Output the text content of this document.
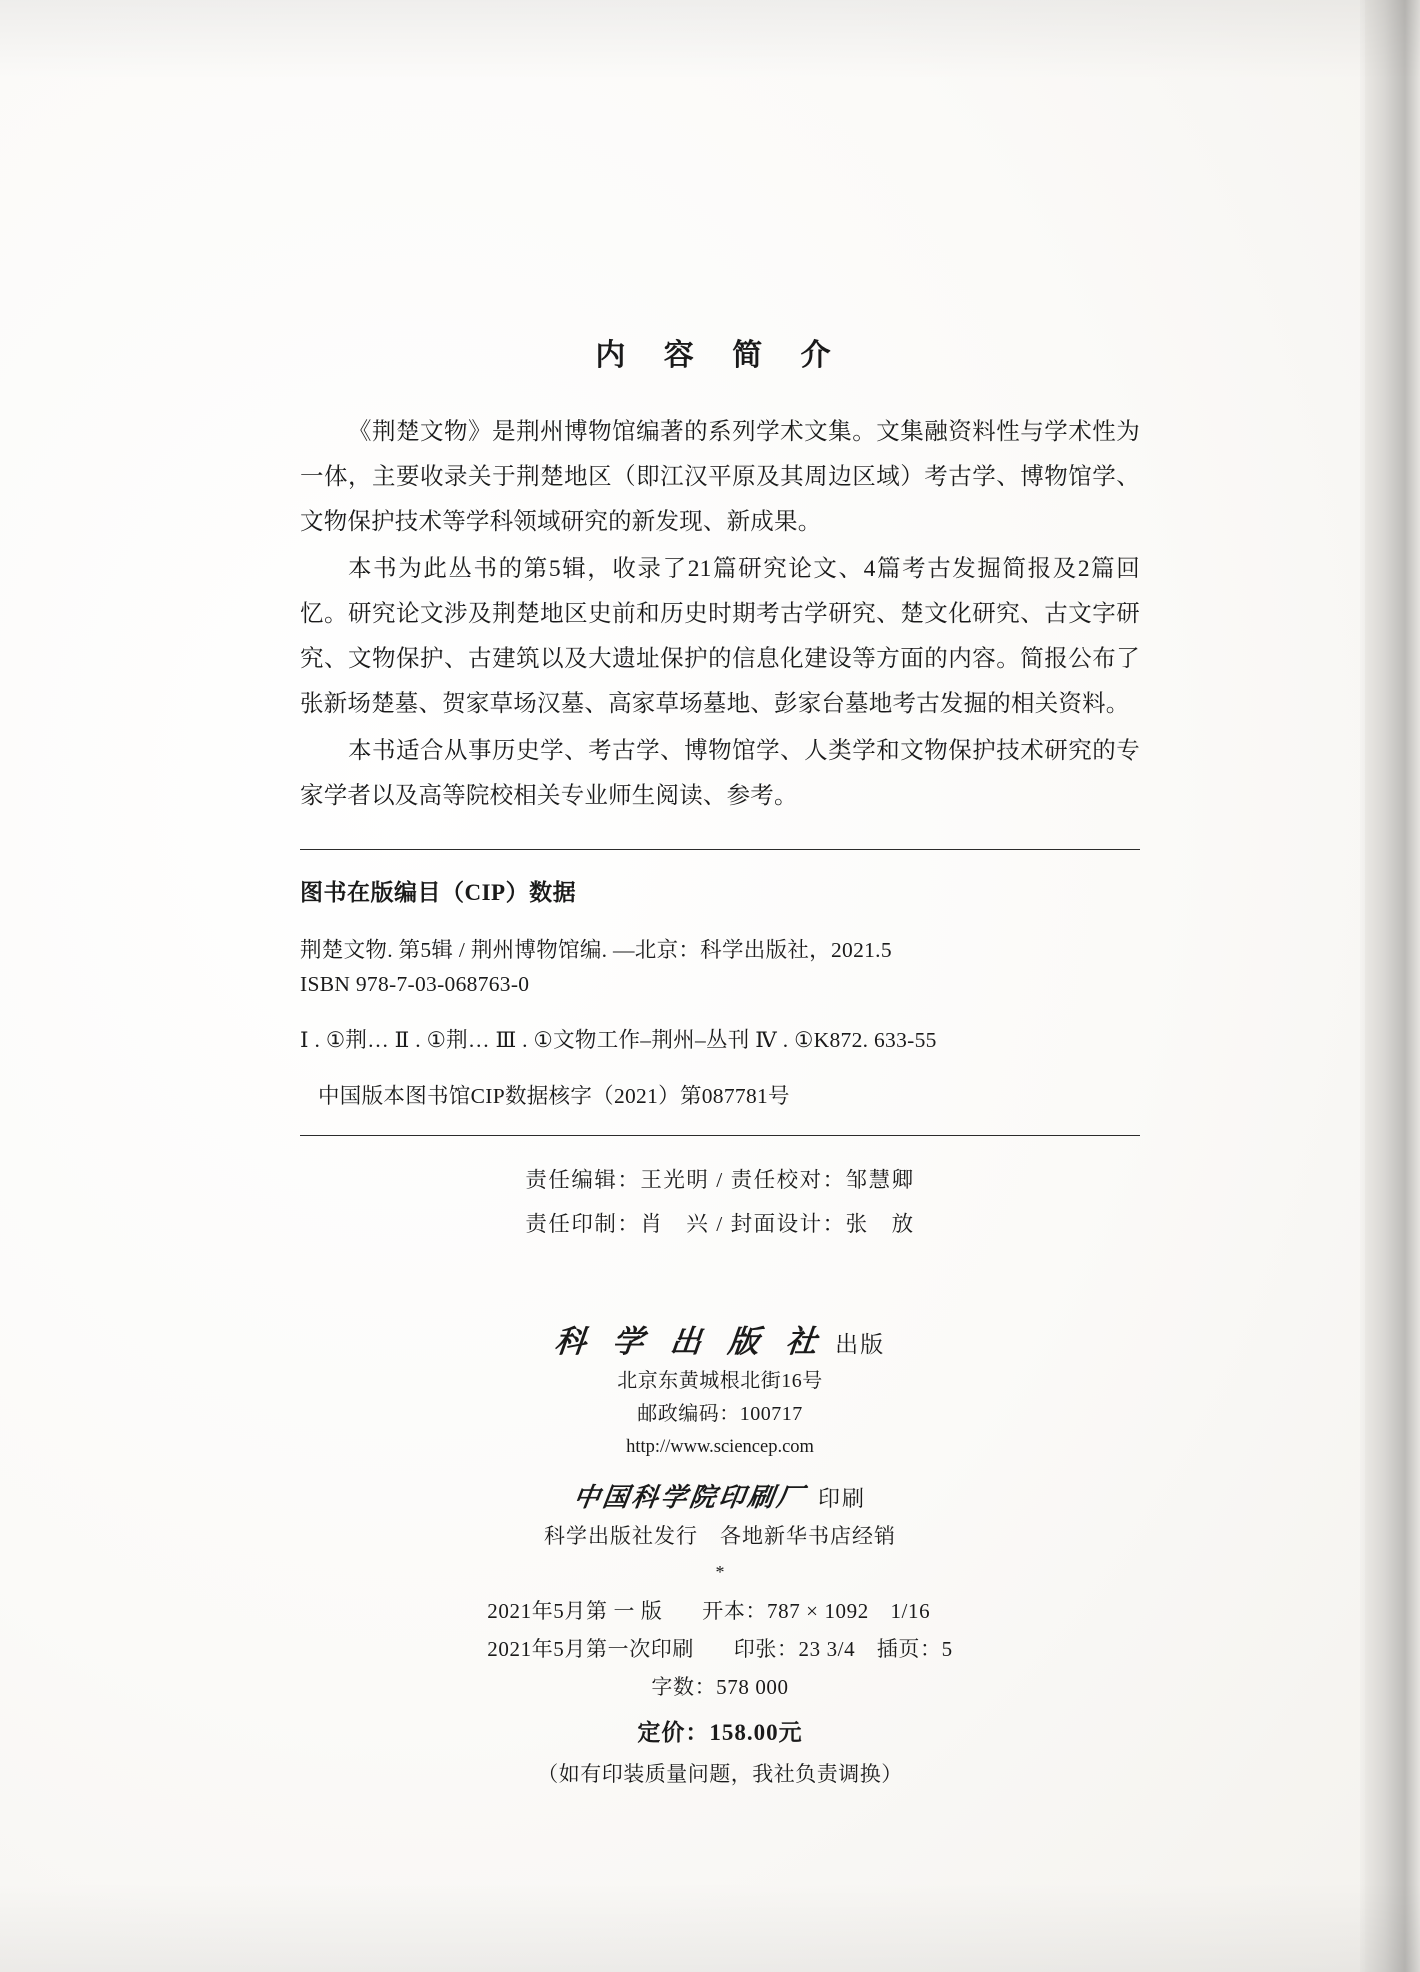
内 容 简 介

《荆楚文物》是荆州博物馆编著的系列学术文集。文集融资料性与学术性为一体，主要收录关于荆楚地区（即江汉平原及其周边区域）考古学、博物馆学、文物保护技术等学科领域研究的新发现、新成果。

本书为此丛书的第5辑，收录了21篇研究论文、4篇考古发掘简报及2篇回忆。研究论文涉及荆楚地区史前和历史时期考古学研究、楚文化研究、古文字研究、文物保护、古建筑以及大遗址保护的信息化建设等方面的内容。简报公布了张新场楚墓、贺家草场汉墓、高家草场墓地、彭家台墓地考古发掘的相关资料。

本书适合从事历史学、考古学、博物馆学、人类学和文物保护技术研究的专家学者以及高等院校相关专业师生阅读、参考。

图书在版编目（CIP）数据

荆楚文物. 第5辑 / 荆州博物馆编. —北京：科学出版社，2021.5

ISBN 978-7-03-068763-0

Ⅰ . ①荆… Ⅱ . ①荆… Ⅲ . ①文物工作–荆州–丛刊 Ⅳ . ①K872. 633-55

中国版本图书馆CIP数据核字（2021）第087781号

责任编辑：王光明 / 责任校对：邹慧卿
责任印制：肖　兴 / 封面设计：张　放
科 学 出 版 社 出版
北京东黄城根北街16号
邮政编码：100717
http://www.sciencep.com
中国科学院印刷厂 印刷
科学出版社发行　各地新华书店经销
*
2021年5月第 一 版 开本：787 × 1092　1/16
2021年5月第一次印刷 印张：23 3/4　插页：5
字数：578 000
定价：158.00元
（如有印装质量问题，我社负责调换）
